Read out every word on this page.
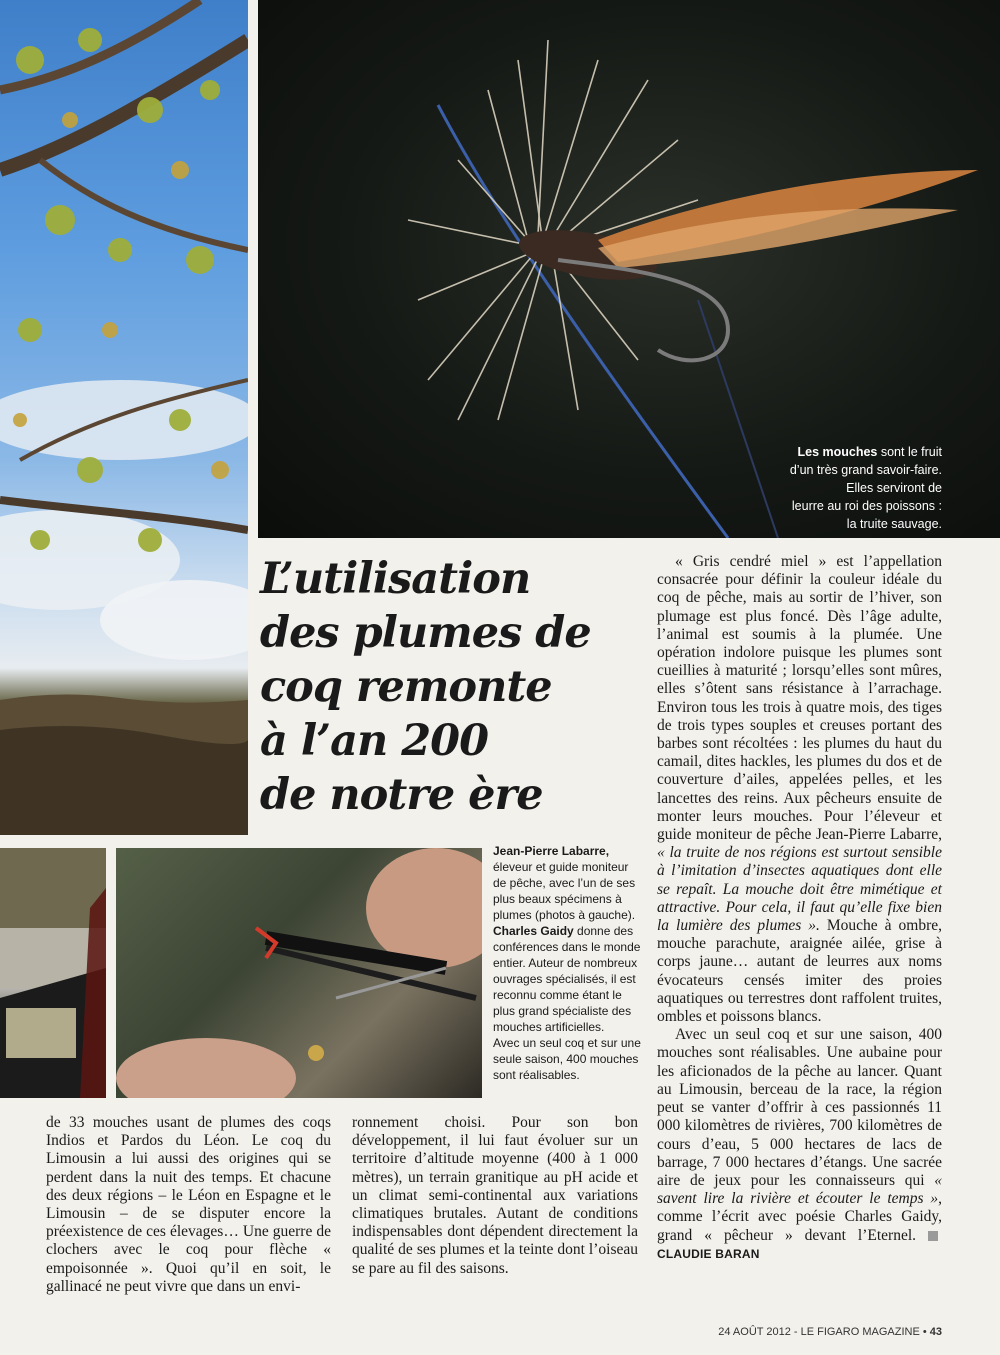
Les mouches sont le fruit

d’un très grand savoir-faire.

Elles serviront de

leurre au roi des poissons :

la truite sauvage.

L’utilisation
des plumes de
coq remonte
à l’an 200
de notre ère

Jean-Pierre Labarre, éleveur et guide moniteur de pêche, avec l’un de ses plus beaux spécimens à plumes (photos à gauche). Charles Gaidy donne des conférences dans le monde entier. Auteur de nombreux ouvrages spécialisés, il est reconnu comme étant le plus grand spécialiste des mouches artificielles.

Avec un seul coq et sur une seule saison, 400 mouches sont réalisables.

de 33 mouches usant de plumes des coqs Indios et Pardos du Léon. Le coq du Limousin a lui aussi des origines qui se perdent dans la nuit des temps. Et chacune des deux régions – le Léon en Espagne et le Limousin – de se disputer encore la préexistence de ces élevages… Une guerre de clochers avec le coq pour flèche « empoisonnée ». Quoi qu’il en soit, le gallinacé ne peut vivre que dans un envi-

ronnement choisi. Pour son bon développement, il lui faut évoluer sur un territoire d’altitude moyenne (400 à 1 000 mètres), un terrain granitique au pH acide et un climat semi-continental aux variations climatiques brutales. Autant de conditions indispensables dont dépendent directement la qualité de ses plumes et la teinte dont l’oiseau se pare au fil des saisons.

« Gris cendré miel » est l’appellation consacrée pour définir la couleur idéale du coq de pêche, mais au sortir de l’hiver, son plumage est plus foncé. Dès l’âge adulte, l’animal est soumis à la plumée. Une opération indolore puisque les plumes sont cueillies à maturité ; lorsqu’elles sont mûres, elles s’ôtent sans résistance à l’arrachage. Environ tous les trois à quatre mois, des tiges de trois types souples et creuses portant des barbes sont récoltées : les plumes du haut du camail, dites hackles, les plumes du dos et de couverture d’ailes, appelées pelles, et les lancettes des reins. Aux pêcheurs ensuite de monter leurs mouches. Pour l’éleveur et guide moniteur de pêche Jean-Pierre Labarre, « la truite de nos régions est surtout sensible à l’imitation d’insectes aquatiques dont elle se repaît. La mouche doit être mimétique et attractive. Pour cela, il faut qu’elle fixe bien la lumière des plumes ». Mouche à ombre, mouche parachute, araignée ailée, grise à corps jaune… autant de leurres aux noms évocateurs censés imiter des proies aquatiques ou terrestres dont raffolent truites, ombles et poissons blancs.

Avec un seul coq et sur une saison, 400 mouches sont réalisables. Une aubaine pour les aficionados de la pêche au lancer. Quant au Limousin, berceau de la race, la région peut se vanter d’offrir à ces passionnés 11 000 kilomètres de rivières, 700 kilomètres de cours d’eau, 5 000 hectares de lacs de barrage, 7 000 hectares d’étangs. Une sacrée aire de jeux pour les connaisseurs qui « savent lire la rivière et écouter le temps », comme l’écrit avec poésie Charles Gaidy, grand « pêcheur » devant l’Eternel. CLAUDIE BARAN

24 AOÛT 2012 - LE FIGARO MAGAZINE • 43
